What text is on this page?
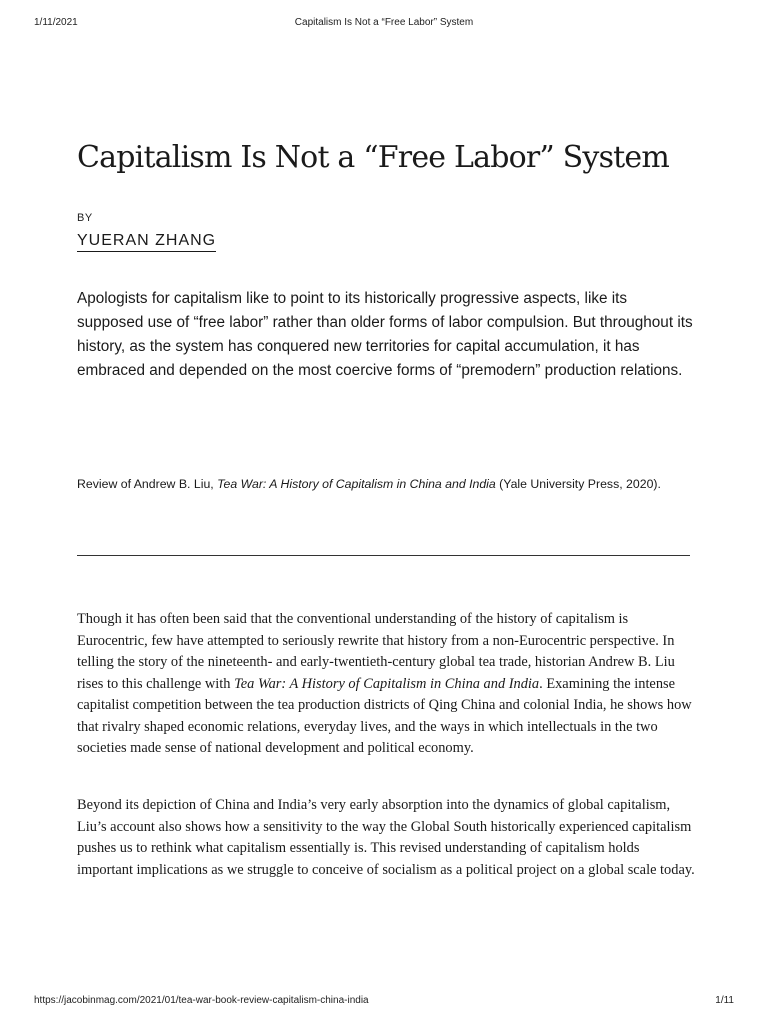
1/11/2021	Capitalism Is Not a “Free Labor” System
Capitalism Is Not a “Free Labor” System
BY
YUERAN ZHANG

Apologists for capitalism like to point to its historically progressive aspects, like its supposed use of “free labor” rather than older forms of labor compulsion. But throughout its history, as the system has conquered new territories for capital accumulation, it has embraced and depended on the most coercive forms of “premodern” production relations.

Review of Andrew B. Liu, Tea War: A History of Capitalism in China and India (Yale University Press, 2020).

Though it has often been said that the conventional understanding of the history of capitalism is Eurocentric, few have attempted to seriously rewrite that history from a non-Eurocentric perspective. In telling the story of the nineteenth- and early-twentieth-century global tea trade, historian Andrew B. Liu rises to this challenge with Tea War: A History of Capitalism in China and India. Examining the intense capitalist competition between the tea production districts of Qing China and colonial India, he shows how that rivalry shaped economic relations, everyday lives, and the ways in which intellectuals in the two societies made sense of national development and political economy.

Beyond its depiction of China and India’s very early absorption into the dynamics of global capitalism, Liu’s account also shows how a sensitivity to the way the Global South historically experienced capitalism pushes us to rethink what capitalism essentially is. This revised understanding of capitalism holds important implications as we struggle to conceive of socialism as a political project on a global scale today.

https://jacobinmag.com/2021/01/tea-war-book-review-capitalism-china-india	1/11
